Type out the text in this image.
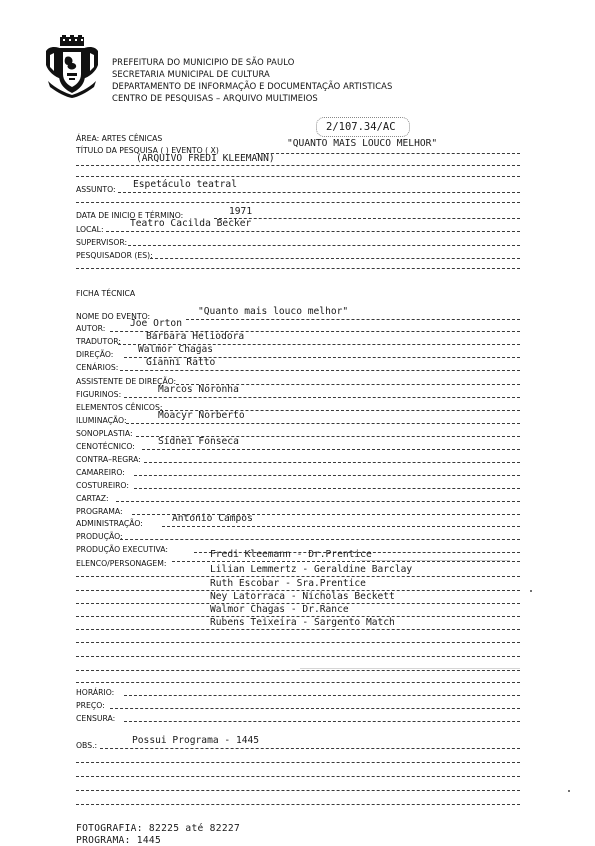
PREFEITURA DO MUNICIPIO DE SÃO PAULO
SECRETARIA MUNICIPAL DE CULTURA
DEPARTAMENTO DE INFORMAÇÃO E DOCUMENTAÇÃO ARTISTICAS
CENTRO DE PESQUISAS – ARQUIVO MULTIMEIOS
2/107.34/AC
ÁREA: ARTES CÊNICAS
TÍTULO DA PESQUISA ( ) EVENTO ( X)
"QUANTO MAIS LOUCO MELHOR"
(ARQUIVO FREDI KLEEMANN)
ASSUNTO: Espetáculo teatral
DATA DE INICIO E TÉRMINO:	1971
LOCAL:
Teatro Cacilda Becker
SUPERVISOR:
PESQUISADOR (ES):
FICHA TÉCNICA
NOME DO EVENTO:	"Quanto mais louco melhor"
AUTOR:	Joe Orton
TRADUTOR:	Bárbara Heliodora
DIREÇÃO:	Walmor Chagas
CENÁRIOS:	Gianni Ratto
ASSISTENTE DE DIREÇÃO:
FIGURINOS:	Marcos Noronha
ELEMENTOS CÊNICOS:
ILUMINAÇÃO:	Moacyr Norberto
SONOPLASTIA:
CENOTÉCNICO: Sidnei Fonseca
CONTRA–REGRA:
CAMAREIRO:
COSTUREIRO:
CARTAZ:
PROGRAMA:
ADMINISTRAÇÃO:	Antonio Campos
PRODUÇÃO:
PRODUÇÃO EXECUTIVA:
ELENCO/PERSONAGEM:
Fredi Kleemann - Dr.Prentice
Lilian Lemmertz - Geraldine Barclay
Ruth Escobar - Sra.Prentice
Ney Latorraca - Nicholas Beckett
Walmor Chagas - Dr.Rance
Rubens Teixeira - Sargento Match
HORÁRIO:
PREÇO:
CENSURA:
OBS.:	Possui Programa - 1445
FOTOGRAFIA: 82225 até 82227
PROGRAMA: 1445
